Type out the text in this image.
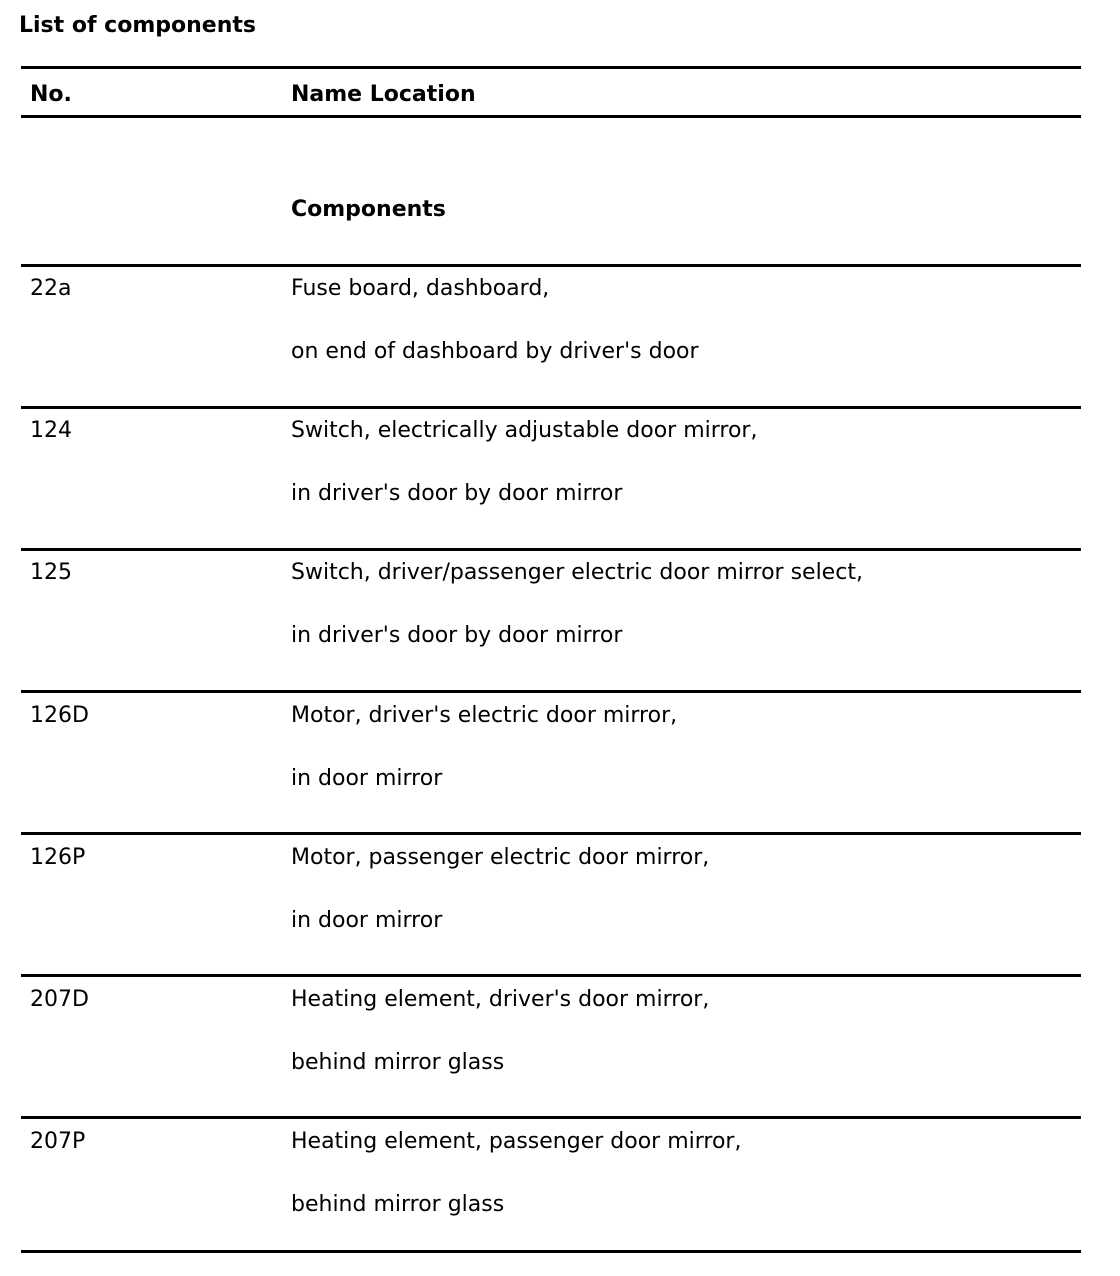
List of components
No.	Name Location
Components
22a	Fuse board, dashboard,
on end of dashboard by driver's door
124	Switch, electrically adjustable door mirror,
in driver's door by door mirror
125	Switch, driver/passenger electric door mirror select,
in driver's door by door mirror
126D	Motor, driver's electric door mirror,
in door mirror
126P	Motor, passenger electric door mirror,
in door mirror
207D	Heating element, driver's door mirror,
behind mirror glass
207P	Heating element, passenger door mirror,
behind mirror glass
